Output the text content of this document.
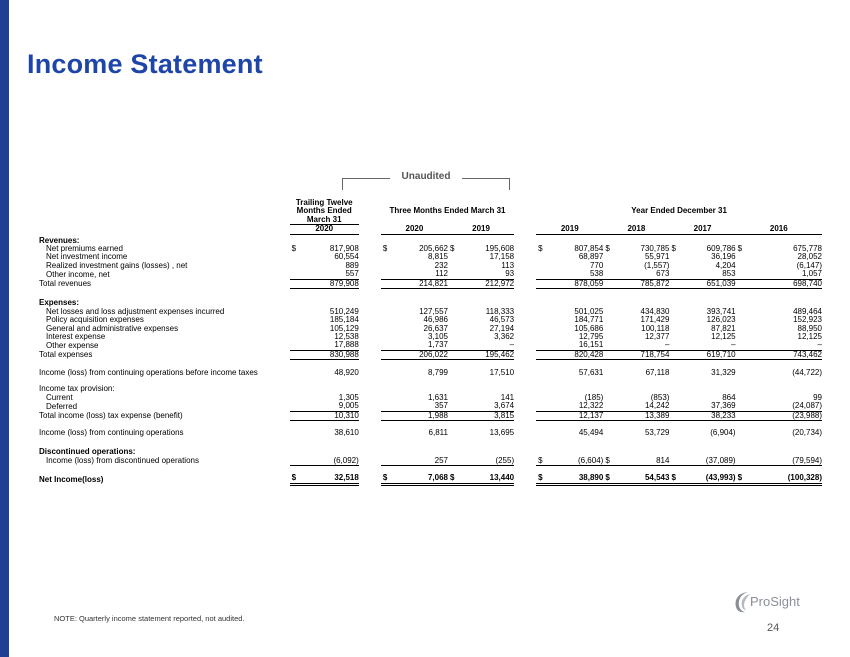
Income Statement
Unaudited
	Trailing Twelve															
	Months Ended			Three Months Ended March 31					Year Ended December 31							
	March 31															
	2020			2020		2019			2019		2018		2017		2016	
Revenues:																
Net premiums earned	$	817,908		$	205,662	$	195,608		$	807,854	$	730,785	$	609,786	$	675,778
Net investment income		60,554			8,815		17,158			68,897		55,971		36,196		28,052
Realized investment gains (losses) , net		889			232		113			770		(1,557)		4,204		(6,147)
Other income, net		557			112		93			538		673		853		1,057
Total revenues		879,908			214,821		212,972			878,059		785,872		651,039		698,740

Expenses:																
Net losses and loss adjustment expenses incurred		510,249			127,557		118,333			501,025		434,830		393,741		489,464
Policy acquisition expenses		185,184			46,986		46,573			184,771		171,429		126,023		152,923
General and administrative expenses		105,129			26,637		27,194			105,686		100,118		87,821		88,950
Interest expense		12,538			3,105		3,362			12,795		12,377		12,125		12,125
Other expense		17,888			1,737		–			16,151		–		–		–
Total expenses		830,988			206,022		195,462			820,428		718,754		619,710		743,462

Income (loss) from continuing operations before income taxes		48,920			8,799		17,510			57,631		67,118		31,329		(44,722)

Income tax provision:																
Current		1,305			1,631		141			(185)		(853)		864		99
Deferred		9,005			357		3,674			12,322		14,242		37,369		(24,087)
Total income (loss) tax expense (benefit)		10,310			1,988		3,815			12,137		13,389		38,233		(23,988)

Income (loss) from continuing operations		38,610			6,811		13,695			45,494		53,729		(6,904)		(20,734)

Discontinued operations:																
Income (loss) from discontinued operations		(6,092)			257		(255)		$	(6,604)	$	814		(37,089)		(79,594)

Net Income(loss)	$	32,518		$	7,068	$	13,440		$	38,890	$	54,543	$	(43,993)	$	(100,328)
NOTE: Quarterly income statement reported, not audited.
ProSight
24
